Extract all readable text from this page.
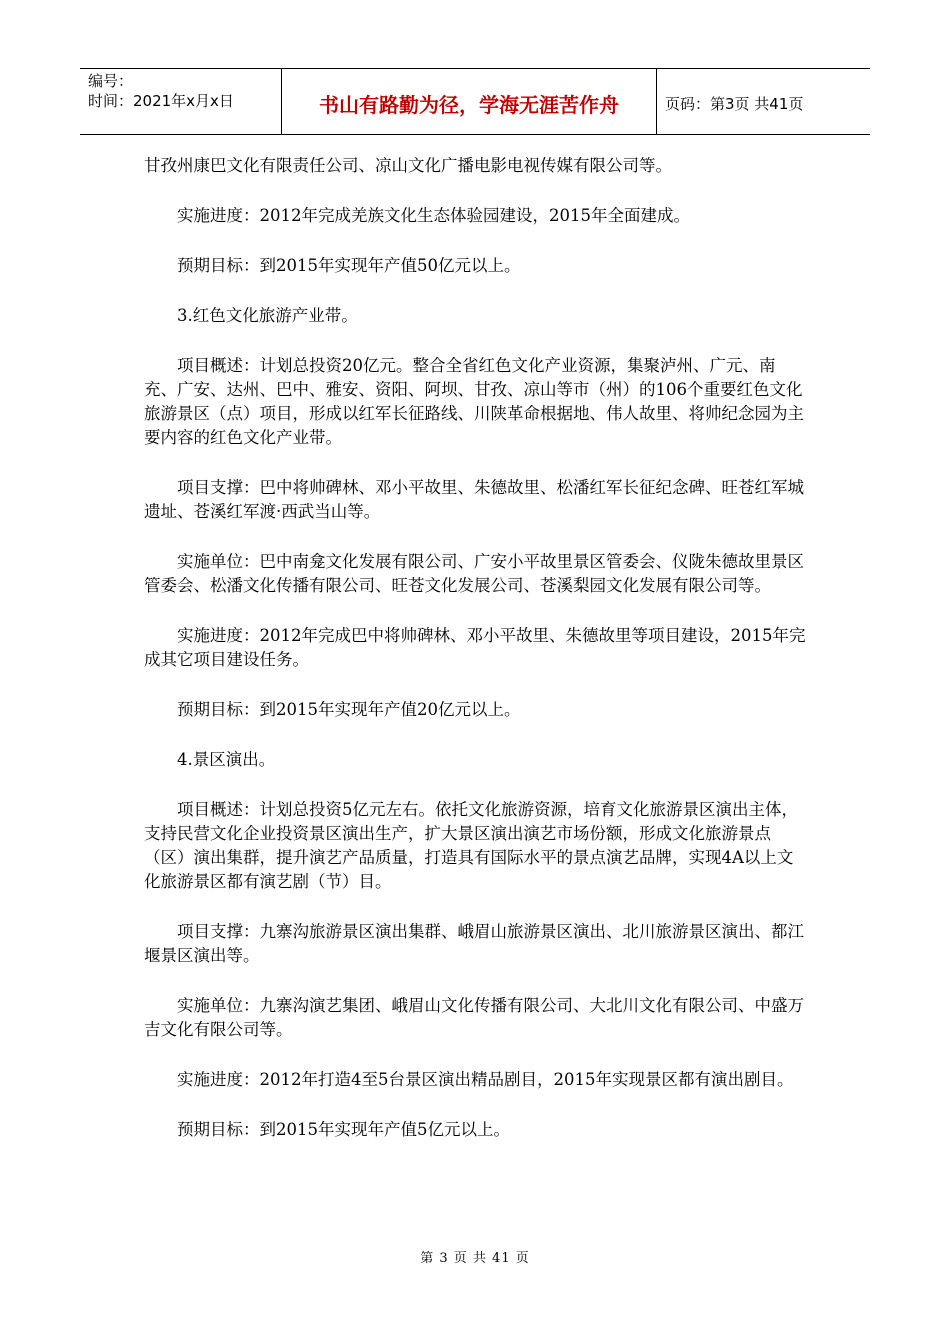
编号：
时间：2021年x月x日	书山有路勤为径，学海无涯苦作舟	页码：第3页 共41页

甘孜州康巴文化有限责任公司、凉山文化广播电影电视传媒有限公司等。

实施进度：2012年完成羌族文化生态体验园建设，2015年全面建成。

预期目标：到2015年实现年产值50亿元以上。

3.红色文化旅游产业带。

项目概述：计划总投资20亿元。整合全省红色文化产业资源，集聚泸州、广元、南充、广安、达州、巴中、雅安、资阳、阿坝、甘孜、凉山等市（州）的106个重要红色文化旅游景区（点）项目，形成以红军长征路线、川陕革命根据地、伟人故里、将帅纪念园为主要内容的红色文化产业带。

项目支撑：巴中将帅碑林、邓小平故里、朱德故里、松潘红军长征纪念碑、旺苍红军城遗址、苍溪红军渡·西武当山等。

实施单位：巴中南龛文化发展有限公司、广安小平故里景区管委会、仪陇朱德故里景区管委会、松潘文化传播有限公司、旺苍文化发展公司、苍溪梨园文化发展有限公司等。

实施进度：2012年完成巴中将帅碑林、邓小平故里、朱德故里等项目建设，2015年完成其它项目建设任务。

预期目标：到2015年实现年产值20亿元以上。

4.景区演出。

项目概述：计划总投资5亿元左右。依托文化旅游资源，培育文化旅游景区演出主体，支持民营文化企业投资景区演出生产，扩大景区演出演艺市场份额，形成文化旅游景点（区）演出集群，提升演艺产品质量，打造具有国际水平的景点演艺品牌，实现4A以上文化旅游景区都有演艺剧（节）目。

项目支撑：九寨沟旅游景区演出集群、峨眉山旅游景区演出、北川旅游景区演出、都江堰景区演出等。

实施单位：九寨沟演艺集团、峨眉山文化传播有限公司、大北川文化有限公司、中盛万吉文化有限公司等。

实施进度：2012年打造4至5台景区演出精品剧目，2015年实现景区都有演出剧目。

预期目标：到2015年实现年产值5亿元以上。

第 3 页 共 41 页
